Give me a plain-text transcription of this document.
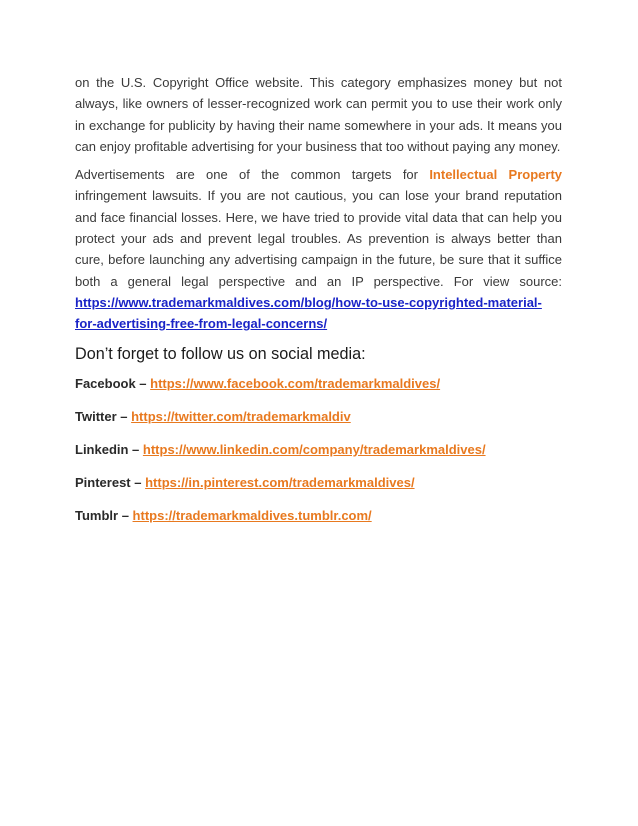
on the U.S. Copyright Office website. This category emphasizes money but not always, like owners of lesser-recognized work can permit you to use their work only in exchange for publicity by having their name somewhere in your ads. It means you can enjoy profitable advertising for your business that too without paying any money.

Advertisements are one of the common targets for Intellectual Property infringement lawsuits. If you are not cautious, you can lose your brand reputation and face financial losses. Here, we have tried to provide vital data that can help you protect your ads and prevent legal troubles. As prevention is always better than cure, before launching any advertising campaign in the future, be sure that it suffice both a general legal perspective and an IP perspective. For view source: https://www.trademarkmaldives.com/blog/how-to-use-copyrighted-material-for-advertising-free-from-legal-concerns/

Don’t forget to follow us on social media:
Facebook – https://www.facebook.com/trademarkmaldives/
Twitter – https://twitter.com/trademarkmaldiv
Linkedin – https://www.linkedin.com/company/trademarkmaldives/
Pinterest – https://in.pinterest.com/trademarkmaldives/
Tumblr – https://trademarkmaldives.tumblr.com/
